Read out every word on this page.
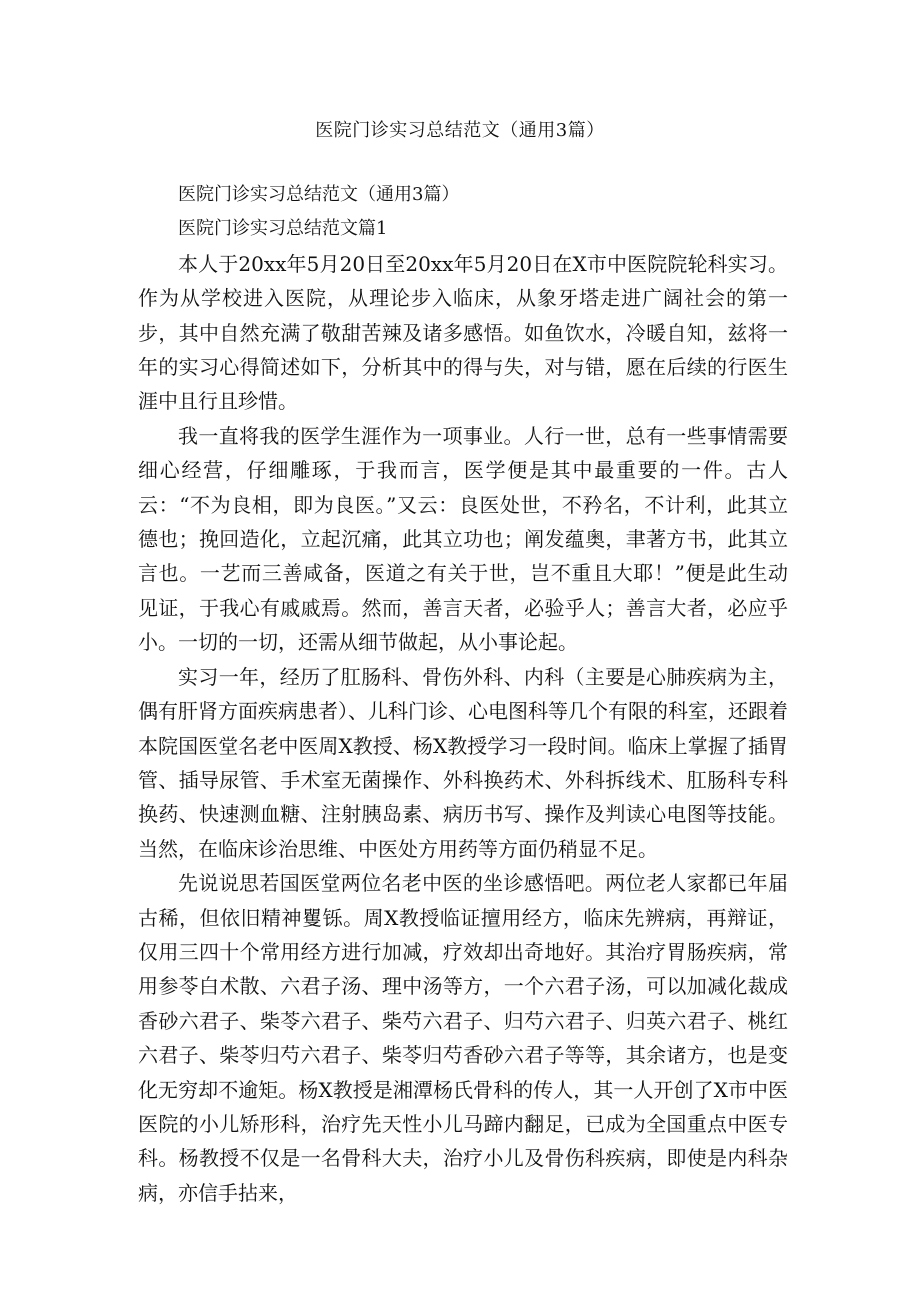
医院门诊实习总结范文（通用3篇）

医院门诊实习总结范文（通用3篇）

医院门诊实习总结范文篇1

本人于20xx年5月20日至20xx年5月20日在X市中医院院轮科实习。作为从学校进入医院，从理论步入临床，从象牙塔走进广阔社会的第一步，其中自然充满了敬甜苦辣及诸多感悟。如鱼饮水，冷暖自知，兹将一年的实习心得简述如下，分析其中的得与失，对与错，愿在后续的行医生涯中且行且珍惜。

我一直将我的医学生涯作为一项事业。人行一世，总有一些事情需要细心经营，仔细雕琢，于我而言，医学便是其中最重要的一件。古人云：“不为良相，即为良医。”又云：良医处世，不矜名，不计利，此其立德也；挽回造化，立起沉痛，此其立功也；阐发蕴奥，聿著方书，此其立言也。一艺而三善咸备，医道之有关于世，岂不重且大耶！”便是此生动见证，于我心有戚戚焉。然而，善言天者，必验乎人；善言大者，必应乎小。一切的一切，还需从细节做起，从小事论起。

实习一年，经历了肛肠科、骨伤外科、内科（主要是心肺疾病为主，偶有肝肾方面疾病患者）、儿科门诊、心电图科等几个有限的科室，还跟着本院国医堂名老中医周X教授、杨X教授学习一段时间。临床上掌握了插胃管、插导尿管、手术室无菌操作、外科换药术、外科拆线术、肛肠科专科换药、快速测血糖、注射胰岛素、病历书写、操作及判读心电图等技能。当然，在临床诊治思维、中医处方用药等方面仍稍显不足。

先说说思若国医堂两位名老中医的坐诊感悟吧。两位老人家都已年届古稀，但依旧精神矍铄。周X教授临证擅用经方，临床先辨病，再辩证，仅用三四十个常用经方进行加减，疗效却出奇地好。其治疗胃肠疾病，常用参苓白术散、六君子汤、理中汤等方，一个六君子汤，可以加减化裁成香砂六君子、柴苓六君子、柴芍六君子、归芍六君子、归英六君子、桃红六君子、柴苓归芍六君子、柴苓归芍香砂六君子等等，其余诸方，也是变化无穷却不逾矩。杨X教授是湘潭杨氏骨科的传人，其一人开创了X市中医医院的小儿矫形科，治疗先天性小儿马蹄内翻足，已成为全国重点中医专科。杨教授不仅是一名骨科大夫，治疗小儿及骨伤科疾病，即使是内科杂病，亦信手拈来，
